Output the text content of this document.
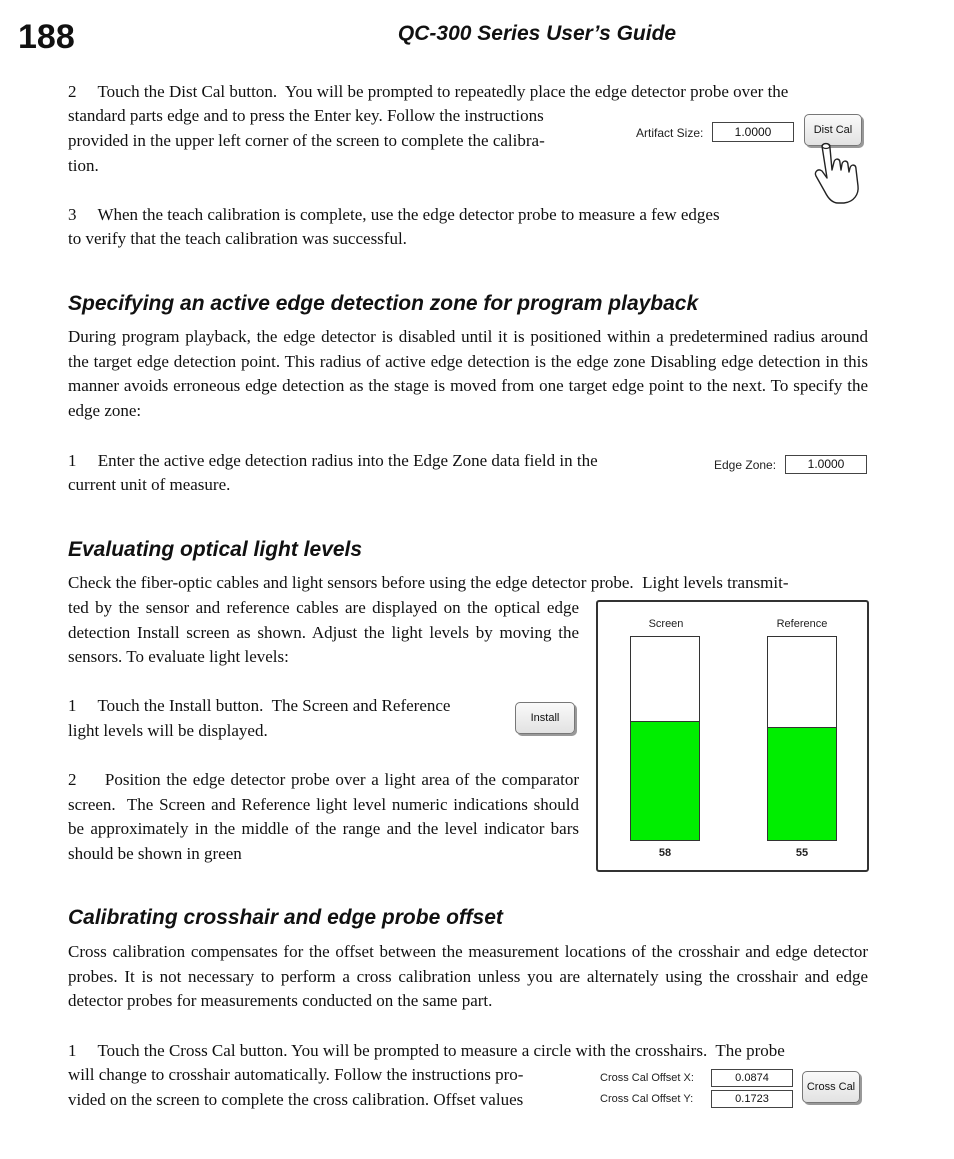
188	QC-300 Series User’s Guide
2     Touch the Dist Cal button.  You will be prompted to repeatedly place the edge detector probe over the
standard parts edge and to press the Enter key. Follow the instructions
provided in the upper left corner of the screen to complete the calibra-
tion.
Artifact Size:	1.0000	Dist Cal
3     When the teach calibration is complete, use the edge detector probe to measure a few edges
to verify that the teach calibration was successful.
Specifying an active edge detection zone for program playback
During program playback, the edge detector is disabled until it is positioned within a predetermined radius around the target edge detection point. This radius of active edge detection is the edge zone Disabling edge detection in this manner avoids erroneous edge detection as the stage is moved from one target edge point to the next. To specify the edge zone:
1     Enter the active edge detection radius into the Edge Zone data field in the
current unit of measure.
Edge Zone:	1.0000
Evaluating optical light levels
Check the fiber-optic cables and light sensors before using the edge detector probe.  Light levels transmit-
ted by the sensor and reference cables are displayed on the optical edge detection Install screen as shown. Adjust the light levels by moving the sensors. To evaluate light levels:
1     Touch the Install button.  The Screen and Reference
light levels will be displayed.
Install
2     Position the edge detector probe over a light area of the comparator screen.  The Screen and Reference light level numeric indications should be approximately in the middle of the range and the level indicator bars should be shown in green
Screen	Reference
58	55
Calibrating crosshair and edge probe offset
Cross calibration compensates for the offset between the measurement locations of the crosshair and edge detector probes. It is not necessary to perform a cross calibration unless you are alternately using the crosshair and edge detector probes for measurements conducted on the same part.
1     Touch the Cross Cal button. You will be prompted to measure a circle with the crosshairs.  The probe
will change to crosshair automatically. Follow the instructions pro-
vided on the screen to complete the cross calibration. Offset values
Cross Cal Offset X:	0.0874
Cross Cal Offset Y:	0.1723
Cross Cal
